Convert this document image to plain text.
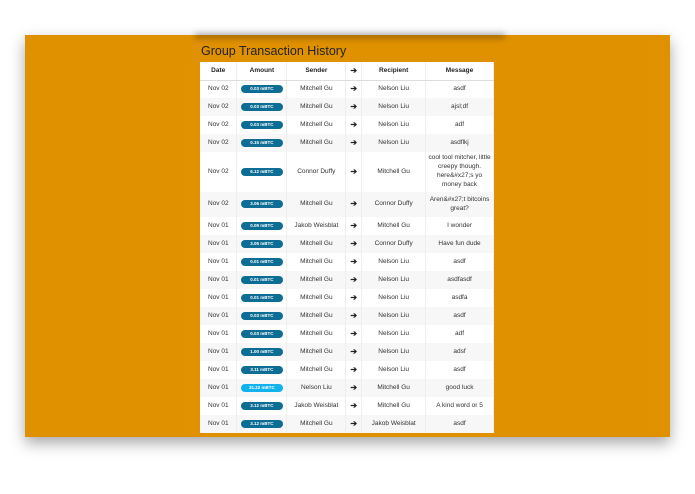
Group Transaction History
Date	Amount	Sender	➔	Recipient	Message
Nov 02	0.03 mBTC	Mitchell Gu	➔	Nelson Liu	asdf
Nov 02	0.03 mBTC	Mitchell Gu	➔	Nelson Liu	ajsl;df
Nov 02	0.03 mBTC	Mitchell Gu	➔	Nelson Liu	adf
Nov 02	0.15 mBTC	Mitchell Gu	➔	Nelson Liu	asdflkj
Nov 02	6.12 mBTC	Connor Duffy	➔	Mitchell Gu	cool tool mitcher, little creepy though. here&#x27;s yo money back
Nov 02	3.06 mBTC	Mitchell Gu	➔	Connor Duffy	Aren&#x27;t bitcoins great?
Nov 01	0.09 mBTC	Jakob Weisblat	➔	Mitchell Gu	I wonder
Nov 01	3.05 mBTC	Mitchell Gu	➔	Connor Duffy	Have fun dude
Nov 01	0.01 mBTC	Mitchell Gu	➔	Nelson Liu	asdf
Nov 01	0.01 mBTC	Mitchell Gu	➔	Nelson Liu	asdfasdf
Nov 01	0.01 mBTC	Mitchell Gu	➔	Nelson Liu	asdfa
Nov 01	0.03 mBTC	Mitchell Gu	➔	Nelson Liu	asdf
Nov 01	0.03 mBTC	Mitchell Gu	➔	Nelson Liu	adf
Nov 01	1.00 mBTC	Mitchell Gu	➔	Nelson Liu	adsf
Nov 01	3.11 mBTC	Mitchell Gu	➔	Nelson Liu	asdf
Nov 01	31.22 mBTC	Nelson Liu	➔	Mitchell Gu	good luck
Nov 01	3.12 mBTC	Jakob Weisblat	➔	Mitchell Gu	A kind word or 5
Nov 01	3.12 mBTC	Mitchell Gu	➔	Jakob Weisblat	asdf
